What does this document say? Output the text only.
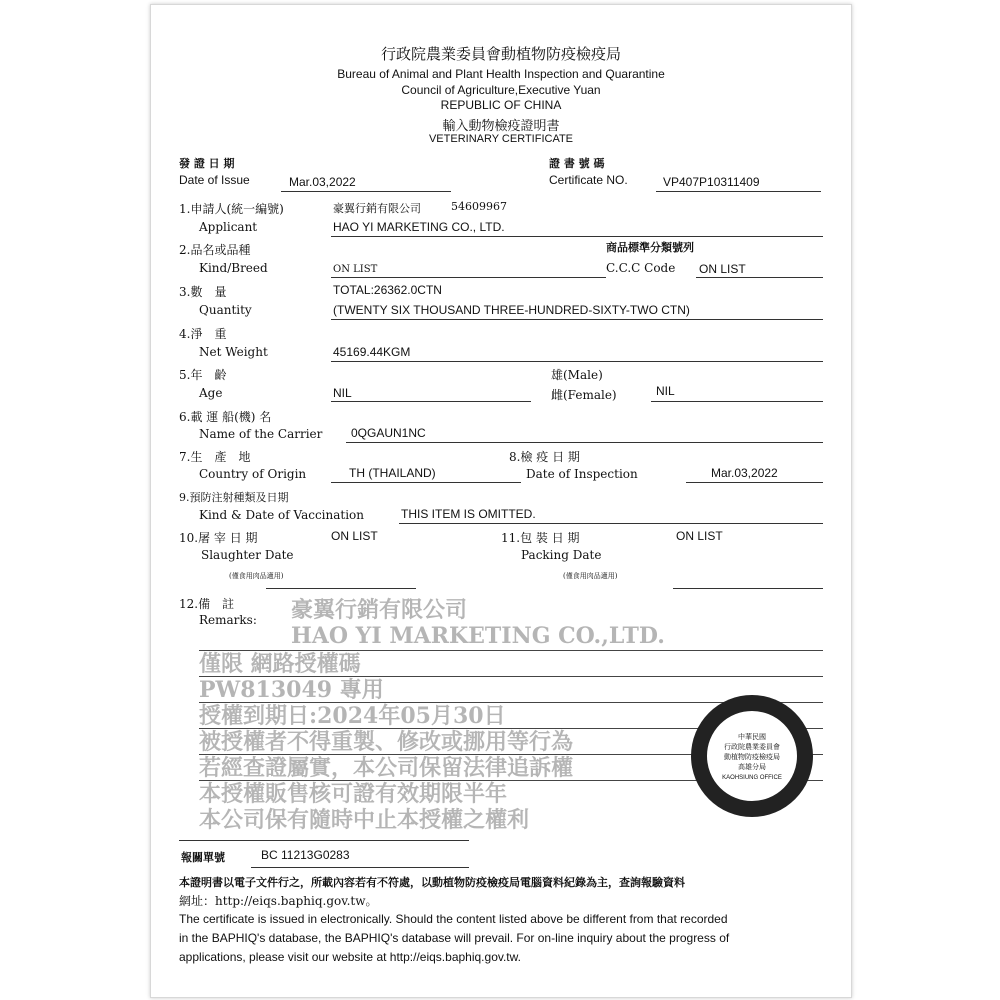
行政院農業委員會動植物防疫檢疫局
Bureau of Animal and Plant Health Inspection and Quarantine
Council of Agriculture,Executive Yuan
REPUBLIC OF CHINA
輸入動物檢疫證明書
VETERINARY CERTIFICATE
發 證 日 期
Date of Issue	Mar.03,2022
證 書 號 碼
Certificate NO.	VP407P10311409
1.申請人(統一編號)	豪翼行銷有限公司	54609967
Applicant	HAO YI MARKETING CO., LTD.
2.品名或品種	商品標準分類號列
Kind/Breed	ON LIST	C.C.C Code ON LIST
3.數　量	TOTAL:26362.0CTN
Quantity	(TWENTY SIX THOUSAND THREE-HUNDRED-SIXTY-TWO CTN)
4.淨　重
Net Weight	45169.44KGM
5.年　齡	雄(Male)
Age	NIL	雌(Female)	NIL
6.載 運 船(機) 名
Name of the Carrier 0QGAUN1NC
7.生　產　地	8.檢 疫 日 期
Country of Origin	TH (THAILAND)	Date of Inspection	Mar.03,2022
9.預防注射種類及日期
Kind & Date of Vaccination	THIS ITEM IS OMITTED.
10.屠 宰 日 期	ON LIST	11.包 裝 日 期	ON LIST
Slaughter Date	Packing Date
(僅食用肉品適用)	(僅食用肉品適用)
12.備　註
Remarks: 豪翼行銷有限公司
HAO YI MARKETING CO.,LTD.
僅限 網路授權碼
PW813049 專用
授權到期日:2024年05月30日
被授權者不得重製、修改或挪用等行為
若經查證屬實，本公司保留法律追訴權
本授權販售核可證有效期限半年
本公司保有隨時中止本授權之權利
中華民國
行政院農業委員會
動植物防疫檢疫局
高雄分局
KAOHSIUNG OFFICE
報關單號	BC 11213G0283
本證明書以電子文件行之，所載內容若有不符處，以動植物防疫檢疫局電腦資料紀錄為主，查詢報驗資料
網址：http://eiqs.baphiq.gov.tw。
The certificate is issued in electronically. Should the content listed above be different from that recorded
in the BAPHIQ's database, the BAPHIQ's database will prevail. For on-line inquiry about the progress of
applications, please visit our website at http://eiqs.baphiq.gov.tw.
